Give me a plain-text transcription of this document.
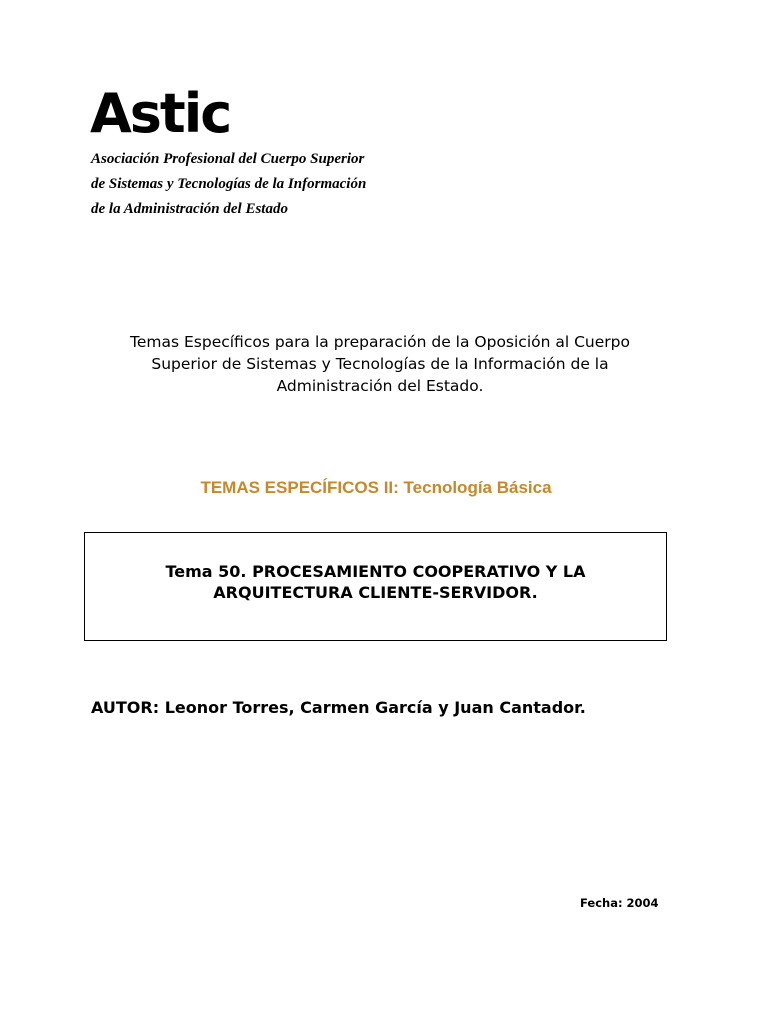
Astic
Asociación Profesional del Cuerpo Superior
de Sistemas y Tecnologías de la Información
de la Administración del Estado
Temas Específicos para la preparación de la Oposición al Cuerpo
Superior de Sistemas y Tecnologías de la Información de la
Administración del Estado.
TEMAS ESPECÍFICOS II: Tecnología Básica
Tema 50. PROCESAMIENTO COOPERATIVO Y LA
ARQUITECTURA CLIENTE-SERVIDOR.
AUTOR: Leonor Torres, Carmen García y Juan Cantador.
Fecha: 2004
